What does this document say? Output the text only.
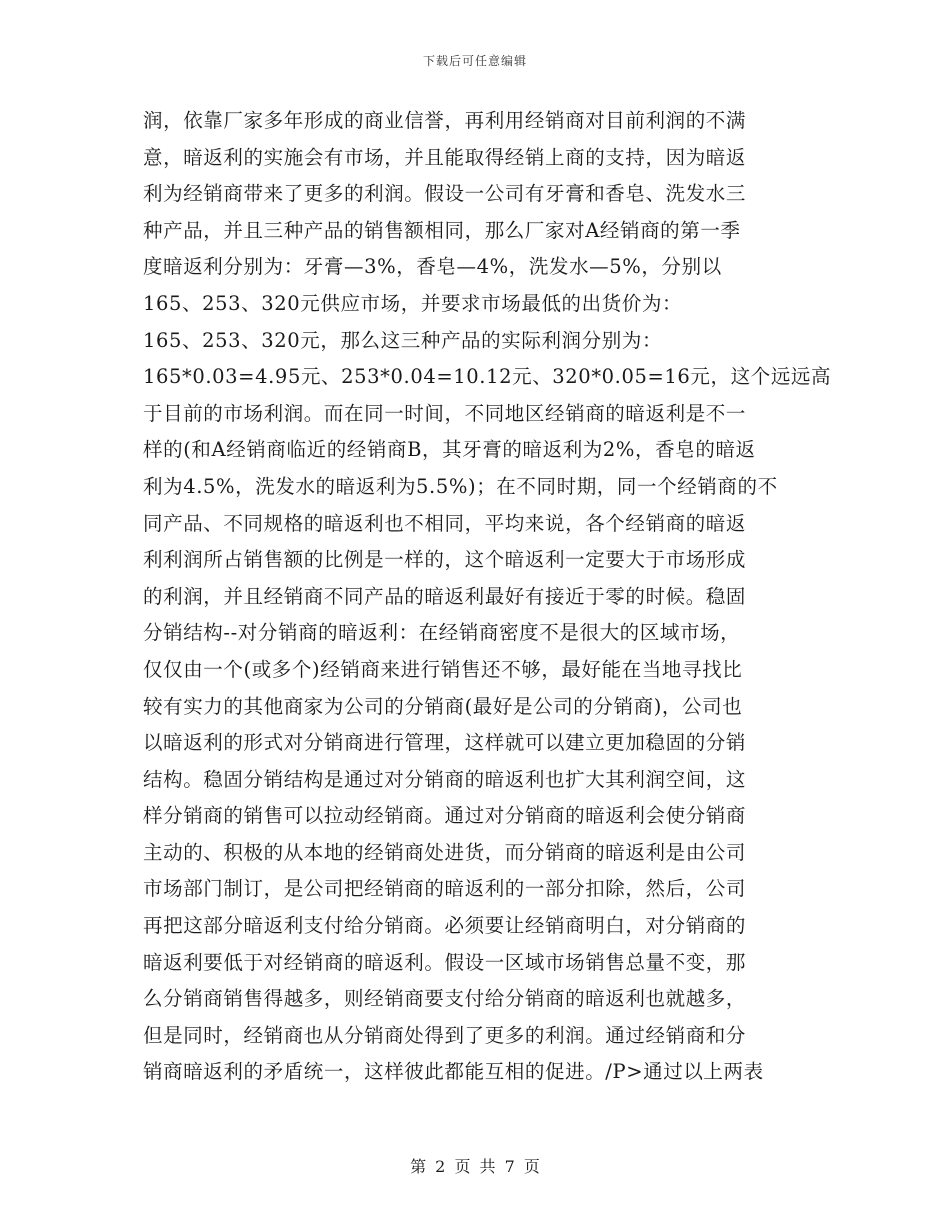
下载后可任意编辑
润，依靠厂家多年形成的商业信誉，再利用经销商对目前利润的不满
意，暗返利的实施会有市场，并且能取得经销上商的支持，因为暗返
利为经销商带来了更多的利润。假设一公司有牙膏和香皂、洗发水三
种产品，并且三种产品的销售额相同，那么厂家对A经销商的第一季
度暗返利分别为：牙膏—3%，香皂—4%，洗发水—5%，分别以
165、253、320元供应市场，并要求市场最低的出货价为：
165、253、320元，那么这三种产品的实际利润分别为：
165*0.03=4.95元、253*0.04=10.12元、320*0.05=16元，这个远远高
于目前的市场利润。而在同一时间，不同地区经销商的暗返利是不一
样的(和A经销商临近的经销商B，其牙膏的暗返利为2%，香皂的暗返
利为4.5%，洗发水的暗返利为5.5%)；在不同时期，同一个经销商的不
同产品、不同规格的暗返利也不相同，平均来说，各个经销商的暗返
利利润所占销售额的比例是一样的，这个暗返利一定要大于市场形成
的利润，并且经销商不同产品的暗返利最好有接近于零的时候。稳固
分销结构--对分销商的暗返利：在经销商密度不是很大的区域市场，
仅仅由一个(或多个)经销商来进行销售还不够，最好能在当地寻找比
较有实力的其他商家为公司的分销商(最好是公司的分销商)，公司也
以暗返利的形式对分销商进行管理，这样就可以建立更加稳固的分销
结构。稳固分销结构是通过对分销商的暗返利也扩大其利润空间，这
样分销商的销售可以拉动经销商。通过对分销商的暗返利会使分销商
主动的、积极的从本地的经销商处进货，而分销商的暗返利是由公司
市场部门制订，是公司把经销商的暗返利的一部分扣除，然后，公司
再把这部分暗返利支付给分销商。必须要让经销商明白，对分销商的
暗返利要低于对经销商的暗返利。假设一区域市场销售总量不变，那
么分销商销售得越多，则经销商要支付给分销商的暗返利也就越多，
但是同时，经销商也从分销商处得到了更多的利润。通过经销商和分
销商暗返利的矛盾统一，这样彼此都能互相的促进。/P>通过以上两表
第 2 页 共 7 页
